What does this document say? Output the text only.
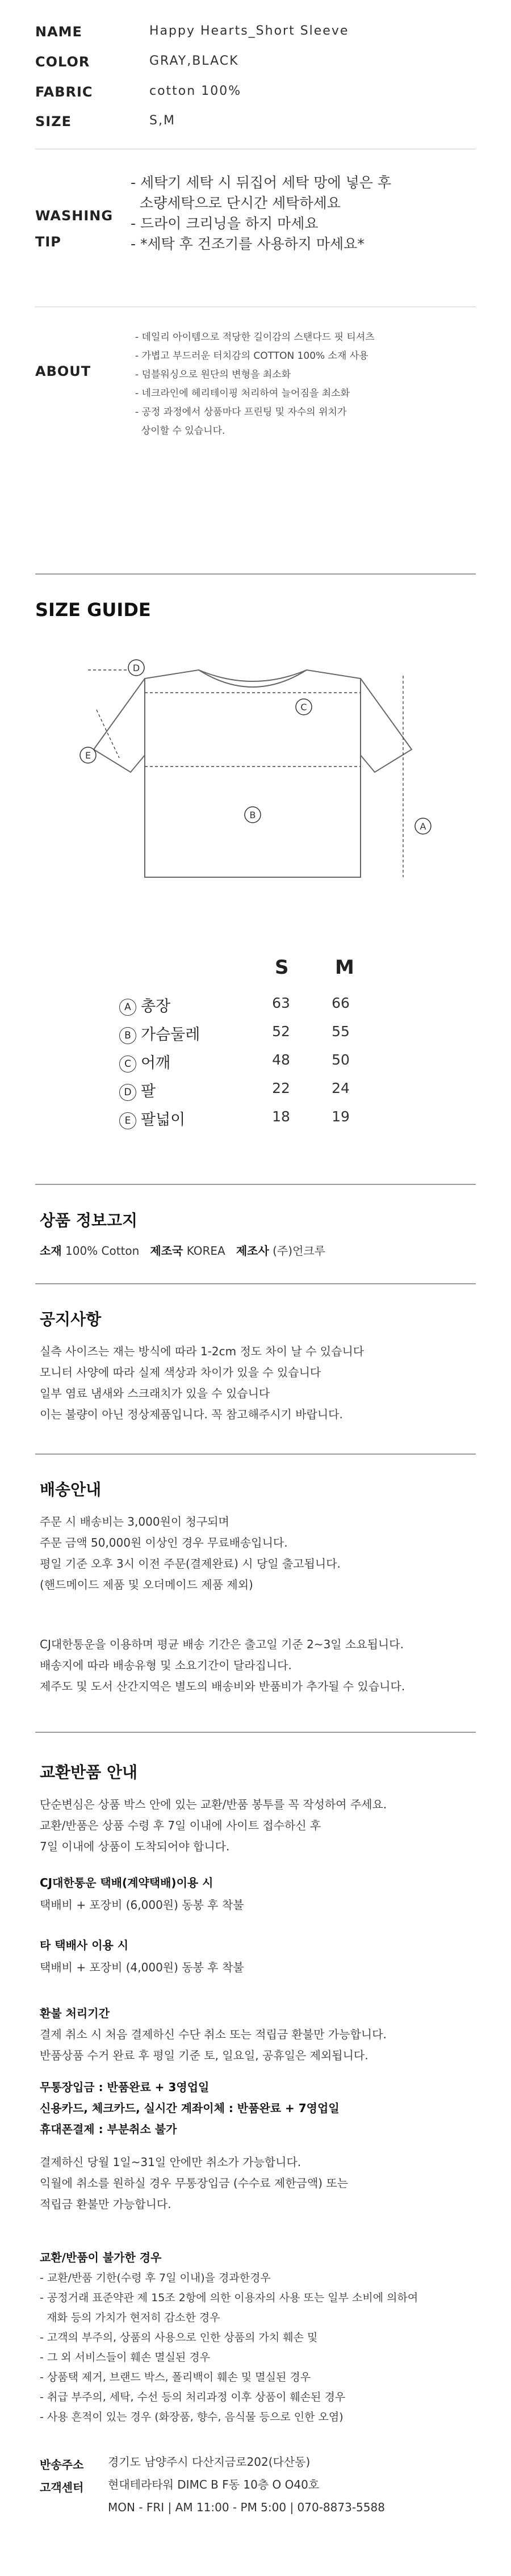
NAME	Happy Hearts_Short Sleeve
COLOR	GRAY,BLACK
FABRIC	cotton 100%
SIZE	S,M
WASHING
TIP
- 세탁기 세탁 시 뒤집어 세탁 망에 넣은 후
소량세탁으로 단시간 세탁하세요
- 드라이 크리닝을 하지 마세요
- *세탁 후 건조기를 사용하지 마세요*
ABOUT
- 데일리 아이템으로 적당한 길이감의 스탠다드 핏 티셔츠
- 가볍고 부드러운 터치감의 COTTON 100% 소재 사용
- 덤블워싱으로 원단의 변형을 최소화
- 네크라인에 헤리테이핑 처리하여 늘어짐을 최소화
- 공정 과정에서 상품마다 프린팅 및 자수의 위치가
상이할 수 있습니다.
SIZE GUIDE
D
C
B
A
E
S M
A 총장	63	66
B 가슴둘레	52	55
C 어깨	48	50
D 팔	22	24
E 팔넓이	18	19
상품 정보고지
소재 100% Cotton 제조국 KOREA 제조사 (주)언크루
공지사항
실측 사이즈는 재는 방식에 따라 1-2cm 정도 차이 날 수 있습니다
모니터 사양에 따라 실제 색상과 차이가 있을 수 있습니다
일부 염료 냄새와 스크래치가 있을 수 있습니다
이는 불량이 아닌 정상제품입니다. 꼭 참고해주시기 바랍니다.
배송안내
주문 시 배송비는 3,000원이 청구되며
주문 금액 50,000원 이상인 경우 무료배송입니다.
평일 기준 오후 3시 이전 주문(결제완료) 시 당일 출고됩니다.
(핸드메이드 제품 및 오더메이드 제품 제외)
CJ대한통운을 이용하며 평균 배송 기간은 출고일 기준 2~3일 소요됩니다.
배송지에 따라 배송유형 및 소요기간이 달라집니다.
제주도 및 도서 산간지역은 별도의 배송비와 반품비가 추가될 수 있습니다.
교환반품 안내
단순변심은 상품 박스 안에 있는 교환/반품 봉투를 꼭 작성하여 주세요.
교환/반품은 상품 수령 후 7일 이내에 사이트 접수하신 후
7일 이내에 상품이 도착되어야 합니다.
CJ대한통운 택배(계약택배)이용 시
택배비 + 포장비 (6,000원) 동봉 후 착불
타 택배사 이용 시
택배비 + 포장비 (4,000원) 동봉 후 착불
환불 처리기간
결제 취소 시 처음 결제하신 수단 취소 또는 적립금 환불만 가능합니다.
반품상품 수거 완료 후 평일 기준 토, 일요일, 공휴일은 제외됩니다.
무통장입금 : 반품완료 + 3영업일
신용카드, 체크카드, 실시간 계좌이체 : 반품완료 + 7영업일
휴대폰결제 : 부분취소 불가
결제하신 당월 1일~31일 안에만 취소가 가능합니다.
익월에 취소를 원하실 경우 무통장입금 (수수료 제한금액) 또는
적립금 환불만 가능합니다.
교환/반품이 불가한 경우
- 교환/반품 기한(수령 후 7일 이내)을 경과한경우
- 공정거래 표준약관 제 15조 2항에 의한 이용자의 사용 또는 일부 소비에 의하여
재화 등의 가치가 현저히 감소한 경우
- 고객의 부주의, 상품의 사용으로 인한 상품의 가치 훼손 및
- 그 외 서비스들이 훼손 멸실된 경우
- 상품택 제거, 브랜드 박스, 폴리백이 훼손 및 멸실된 경우
- 취급 부주의, 세탁, 수선 등의 처리과정 이후 상품이 훼손된 경우
- 사용 흔적이 있는 경우 (화장품, 향수, 음식물 등으로 인한 오염)
반송주소 경기도 남양주시 다산지금로202(다산동)
고객센터 현대테라타워 DIMC B F동 10층 O O40호
MON - FRI | AM 11:00 - PM 5:00 | 070-8873-5588
